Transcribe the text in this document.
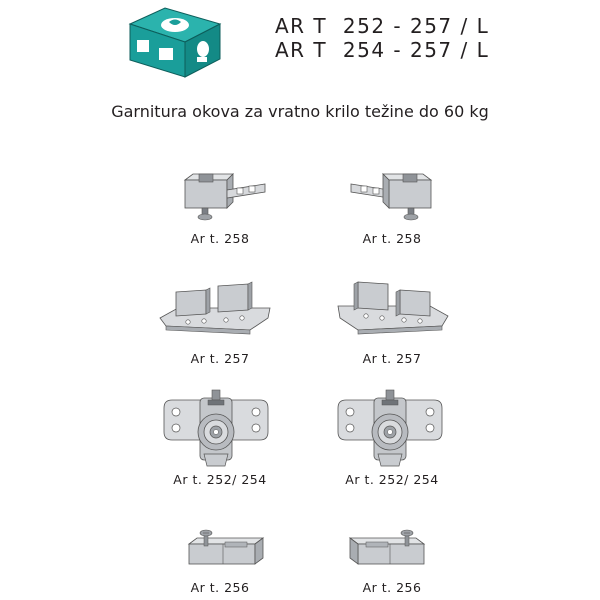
AR T  252 - 257 / L
AR T  254 - 257 / L
Garnitura okova za vratno krilo težine do 60 kg
Ar t. 258	Ar t. 258
Ar t. 257	Ar t. 257
Ar t. 252/ 254	Ar t. 252/ 254
Ar t. 256	Ar t. 256
